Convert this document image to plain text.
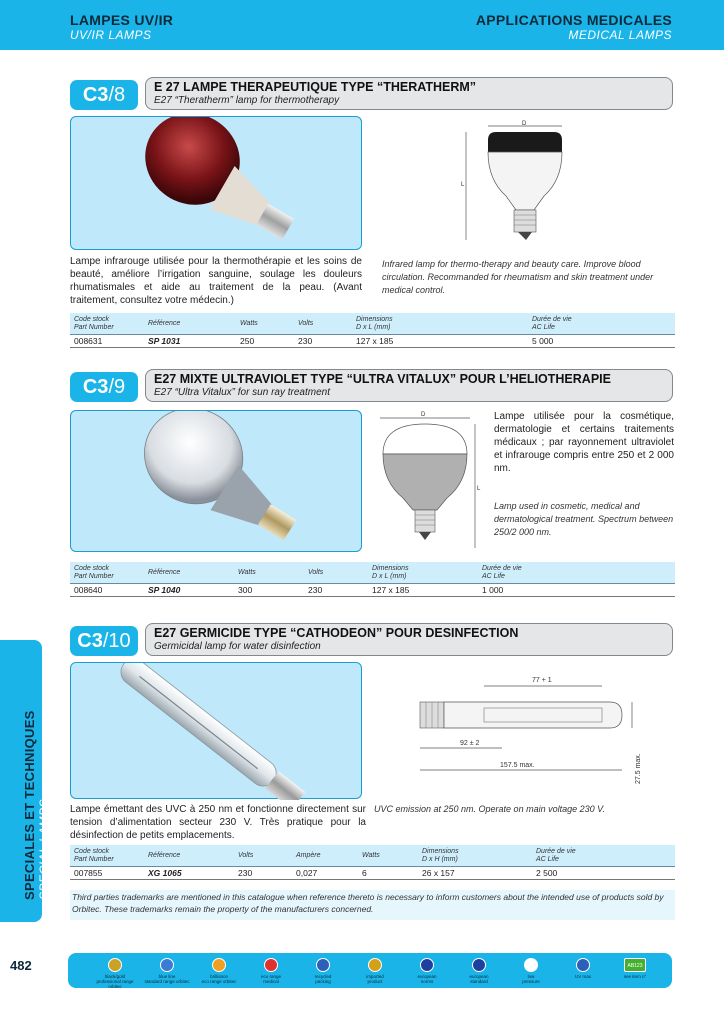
LAMPES UV/IR
UV/IR LAMPS
APPLICATIONS MEDICALES
MEDICAL LAMPS
C3/8	E 27 LAMPE THERAPEUTIQUE TYPE “THERATHERM”
E27 “Theratherm” lamp for thermotherapy
D
L
Lampe infrarouge utilisée pour la thermothérapie et les soins de beauté, améliore l’irrigation sanguine, soulage les douleurs rhumatismales et aide au traitement de la peau. (Avant traitement, consultez votre médecin.)
Infrared lamp for thermo-therapy and beauty care. Improve blood circulation. Recommanded for rheumatism and skin treatment under medical control.
Code stock
Part Number
Référence	Watts	Volts
Dimensions
D x L (mm)
Durée de vie
AC Life
008631	SP 1031	250	230	127 x 185	5 000
C3/9	E27 MIXTE ULTRAVIOLET TYPE “ULTRA VITALUX” POUR L’HELIOTHERAPIE
E27 “Ultra Vitalux” for sun ray treatment
D
L
Lampe utilisée pour la cosmétique, dermatologie et certains traitements médicaux ; par rayonnement ultraviolet et infrarouge compris entre 250 et 2 000 nm.
Lamp used in cosmetic, medical and dermatological treatment. Spectrum between 250/2 000 nm.
Code stock
Part Number
Référence	Watts	Volts
Dimensions
D x L (mm)
Durée de vie
AC Life
008640	SP 1040	300	230	127 x 185	1 000
C3/10	E27 GERMICIDE TYPE “CATHODEON” POUR DESINFECTION
Germicidal lamp for water disinfection
77 + 1
92 ± 2
157.5 max.	27.5 max.
Lampe émettant des UVC à 250 nm et fonctionne directement sur tension d’alimentation secteur 230 V. Très pratique pour la désinfection de petits emplacements.
UVC emission at 250 nm. Operate on main voltage 230 V.
Code stock
Part Number
Référence	Volts	Ampère	Watts
Dimensions
D x H (mm)
Durée de vie
AC Life
007855	XG 1065	230	0,027	6	26 x 157	2 500
Third parties trademarks are mentioned in this catalogue when reference thereto is necessary to inform customers about the intended use of products sold by Orbitec. These trademarks remain the property of the manufacturers concerned.
SPECIALES ET TECHNIQUES SPECIAL LAMPS
482
black/gold
professional range orbitec
blue line
standard range orbitec
brilliance
eco range orbitec
eco range
medical
recycled
packing
imported
product
european
norms
european
standard
low
pressure
UV max
AB123
see item n°
